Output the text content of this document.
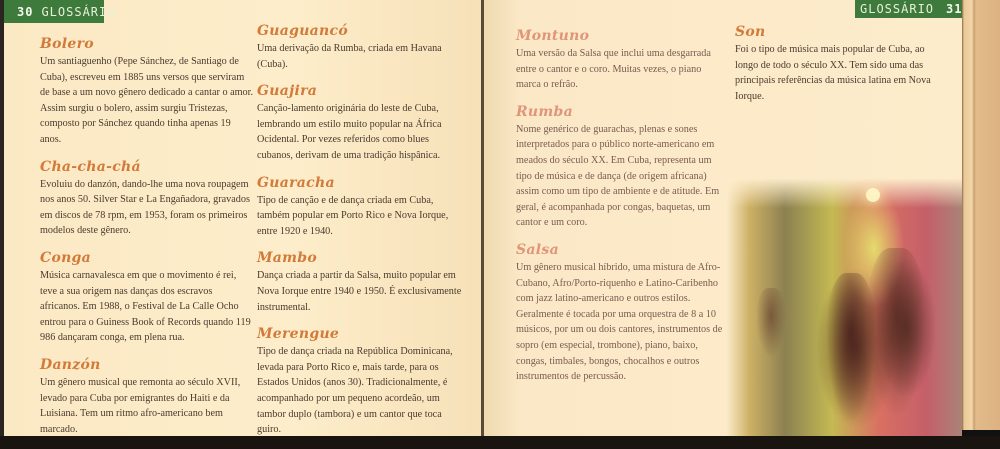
30 GLOSSÁRIO	GLOSSÁRIO 31
Bolero

Um santiaguenho (Pepe Sánchez, de Santiago de Cuba), escreveu em 1885 uns versos que serviram de base a um novo gênero dedicado a cantar o amor. Assim surgiu o bolero, assim surgiu Tristezas, composto por Sánchez quando tinha apenas 19 anos.

Cha-cha-chá

Evoluiu do danzón, dando-lhe uma nova roupagem nos anos 50. Silver Star e La Engañadora, gravados em discos de 78 rpm, em 1953, foram os primeiros modelos deste gênero.

Conga

Música carnavalesca em que o movimento é rei, teve a sua origem nas danças dos escravos africanos. Em 1988, o Festival de La Calle Ocho entrou para o Guiness Book of Records quando 119 986 dançaram conga, em plena rua.

Danzón

Um gênero musical que remonta ao século XVII, levado para Cuba por emigrantes do Haiti e da Luisiana. Tem um ritmo afro-americano bem marcado.

Guaguancó

Uma derivação da Rumba, criada em Havana (Cuba).

Guajira

Canção-lamento originária do leste de Cuba, lembrando um estilo muito popular na África Ocidental. Por vezes referidos como blues cubanos, derivam de uma tradição hispânica.

Guaracha

Tipo de canção e de dança criada em Cuba, também popular em Porto Rico e Nova Iorque, entre 1920 e 1940.

Mambo

Dança criada a partir da Salsa, muito popular em Nova Iorque entre 1940 e 1950. É exclusivamente instrumental.

Merengue

Tipo de dança criada na República Dominicana, levada para Porto Rico e, mais tarde, para os Estados Unidos (anos 30). Tradicionalmente, é acompanhado por um pequeno acordeão, um tambor duplo (tambora) e um cantor que toca guiro.

Montuno

Uma versão da Salsa que inclui uma desgarrada entre o cantor e o coro. Muitas vezes, o piano marca o refrão.

Rumba

Nome genérico de guarachas, plenas e sones interpretados para o público norte-americano em meados do século XX. Em Cuba, representa um tipo de música e de dança (de origem africana) assim como um tipo de ambiente e de atitude. Em geral, é acompanhada por congas, baquetas, um cantor e um coro.

Salsa

Um gênero musical híbrido, uma mistura de Afro-Cubano, Afro/Porto-riquenho e Latino-Caribenho com jazz latino-americano e outros estilos. Geralmente é tocada por uma orquestra de 8 a 10 músicos, por um ou dois cantores, instrumentos de sopro (em especial, trombone), piano, baixo, congas, timbales, bongos, chocalhos e outros instrumentos de percussão.

Son

Foi o tipo de música mais popular de Cuba, ao longo de todo o século XX. Tem sido uma das principais referências da música latina em Nova Iorque.
